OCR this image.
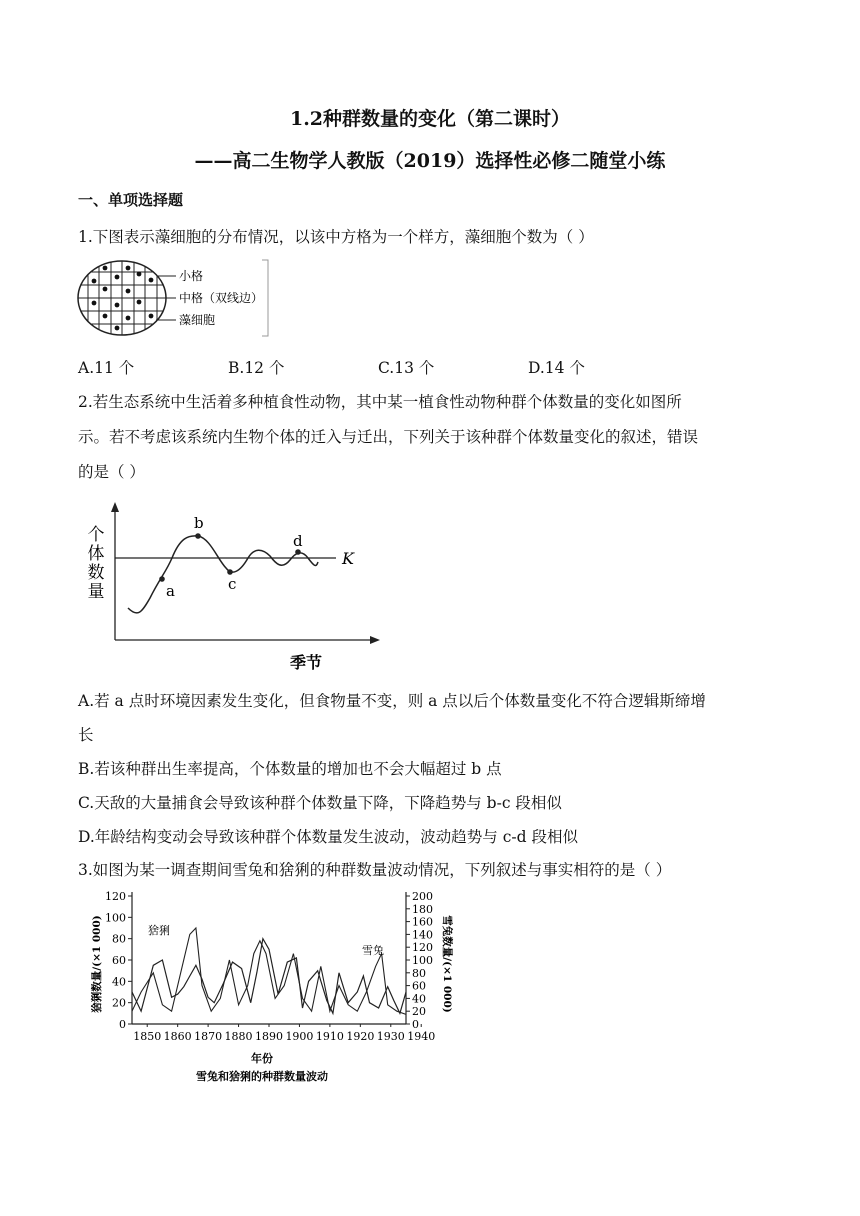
1.2种群数量的变化（第二课时）
——高二生物学人教版（2019）选择性必修二随堂小练
一、单项选择题
1.下图表示藻细胞的分布情况，以该中方格为一个样方，藻细胞个数为（ ）
小格
中格（双线边）
藻细胞
A.11 个	B.12 个	C.13 个	D.14 个
2.若生态系统中生活着多种植食性动物，其中某一植食性动物种群个体数量的变化如图所
示。若不考虑该系统内生物个体的迁入与迁出，下列关于该种群个体数量变化的叙述，错误
的是（ ）
个
体
数
量
K
a
b
c
d
季节
A.若 a 点时环境因素发生变化，但食物量不变，则 a 点以后个体数量变化不符合逻辑斯缔增
长
B.若该种群出生率提高，个体数量的增加也不会大幅超过 b 点
C.天敌的大量捕食会导致该种群个体数量下降，下降趋势与 b-c 段相似
D.年龄结构变动会导致该种群个体数量发生波动，波动趋势与 c-d 段相似
3.如图为某一调查期间雪兔和猞猁的种群数量波动情况，下列叙述与事实相符的是（ ）
0
20
40
60
80
100
120
0
20
40
60
80
100
120
140
160
180
200
1850 1860 1870 1880 1890 1900 1910 1920 1930 1940
猞猁数量/(×1 000)	雪兔数量/(×1 000)
年份
雪兔和猞猁的种群数量波动
猞猁
雪兔
